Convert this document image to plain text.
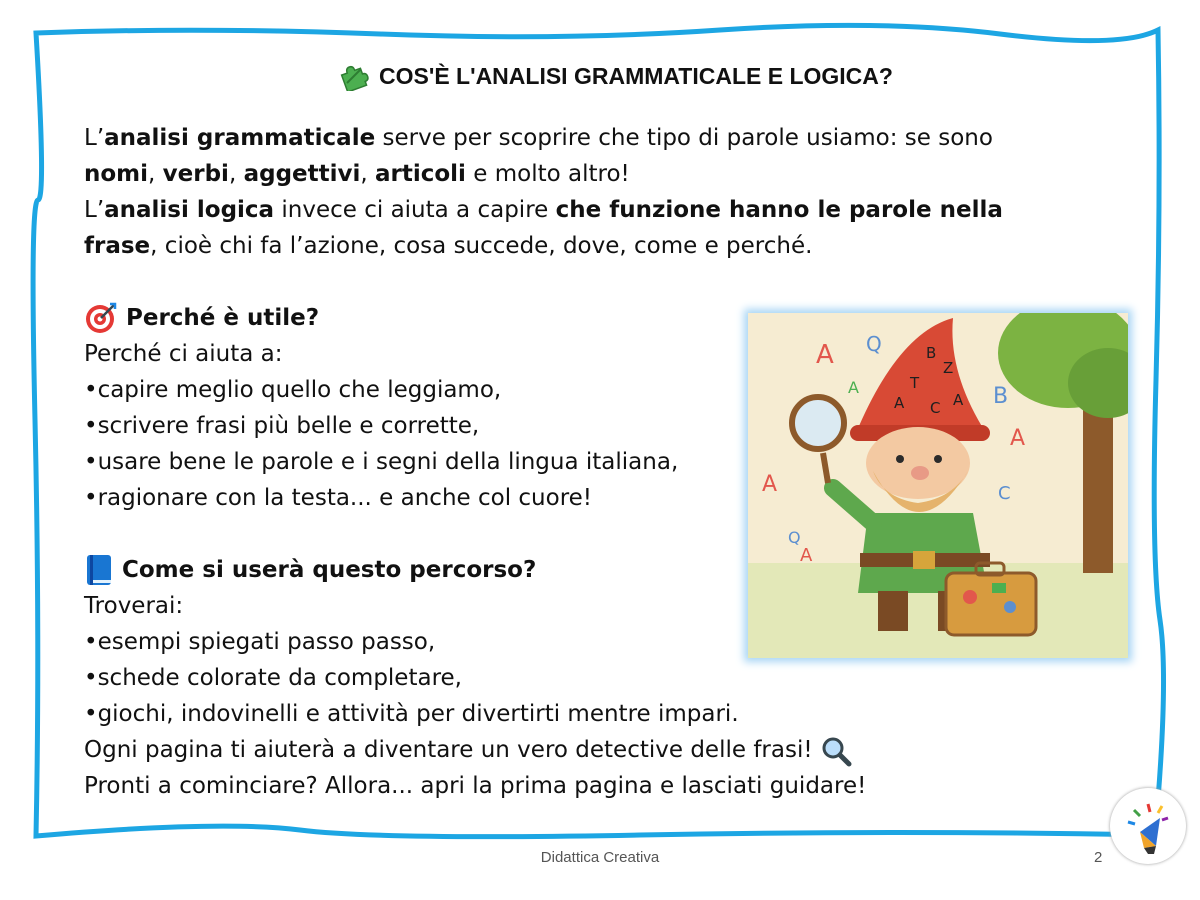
COS'È L'ANALISI GRAMMATICALE E LOGICA?

L’analisi grammaticale serve per scoprire che tipo di parole usiamo: se sono

nomi, verbi, aggettivi, articoli e molto altro!

L’analisi logica invece ci aiuta a capire che funzione hanno le parole nella

frase, cioè chi fa l’azione, cosa succede, dove, come e perché.

Perché è utile?
Perché ci aiuta a:
•capire meglio quello che leggiamo,
•scrivere frasi più belle e corrette,
•usare bene le parole e i segni della lingua italiana,
•ragionare con la testa... e anche col cuore!
Come si userà questo percorso?
Troverai:
•esempi spiegati passo passo,
•schede colorate da completare,
•giochi, indovinelli e attività per divertirti mentre impari.
Ogni pagina ti aiuterà a diventare un vero detective delle frasi!
Pronti a cominciare? Allora... apri la prima pagina e lasciati guidare!
A Q
A	B
A
A	C
A
Q
B
Z
T
A C A
Didattica Creativa	2
